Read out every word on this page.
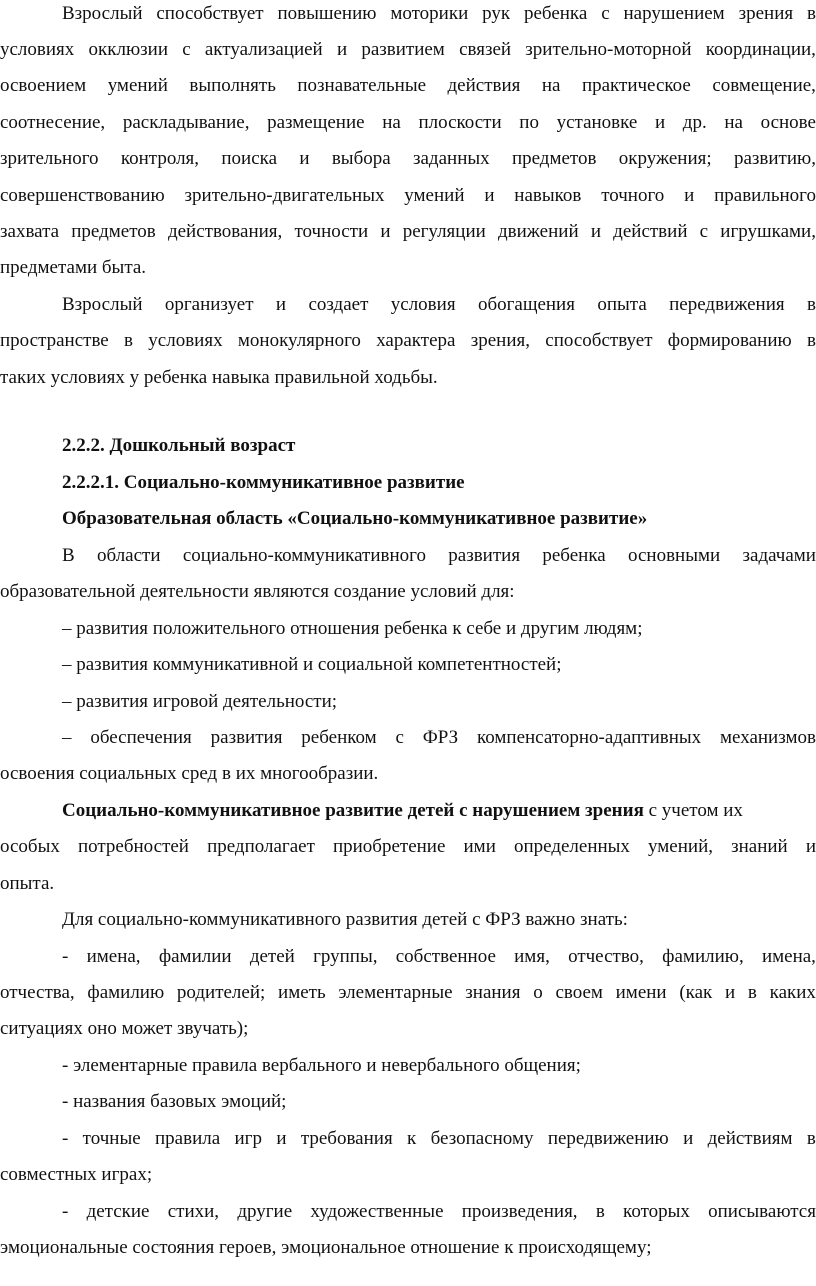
Взрослый способствует повышению моторики рук ребенка с нарушением зрения в
условиях окклюзии с актуализацией и развитием связей зрительно-моторной координации,
освоением умений выполнять познавательные действия на практическое совмещение,
соотнесение, раскладывание, размещение на плоскости по установке и др. на основе
зрительного контроля, поиска и выбора заданных предметов окружения; развитию,
совершенствованию зрительно-двигательных умений и навыков точного и правильного
захвата предметов действования, точности и регуляции движений и действий с игрушками,
предметами быта.
Взрослый организует и создает условия обогащения опыта передвижения в
пространстве в условиях монокулярного характера зрения, способствует формированию в
таких условиях у ребенка навыка правильной ходьбы.
2.2.2. Дошкольный возраст
2.2.2.1. Социально-коммуникативное развитие
Образовательная область «Социально-коммуникативное развитие»
В области социально-коммуникативного развития ребенка основными задачами
образовательной деятельности являются создание условий для:
– развития положительного отношения ребенка к себе и другим людям;
– развития коммуникативной и социальной компетентностей;
– развития игровой деятельности;
– обеспечения развития ребенком с ФРЗ компенсаторно-адаптивных механизмов
освоения социальных сред в их многообразии.
Социально-коммуникативное развитие детей с нарушением зрения с учетом их
особых потребностей предполагает приобретение ими определенных умений, знаний и
опыта.
Для социально-коммуникативного развития детей с ФРЗ важно знать:
- имена, фамилии детей группы, собственное имя, отчество, фамилию, имена,
отчества, фамилию родителей; иметь элементарные знания о своем имени (как и в каких
ситуациях оно может звучать);
- элементарные правила вербального и невербального общения;
- названия базовых эмоций;
- точные правила игр и требования к безопасному передвижению и действиям в
совместных играх;
- детские стихи, другие художественные произведения, в которых описываются
эмоциональные состояния героев, эмоциональное отношение к происходящему;
